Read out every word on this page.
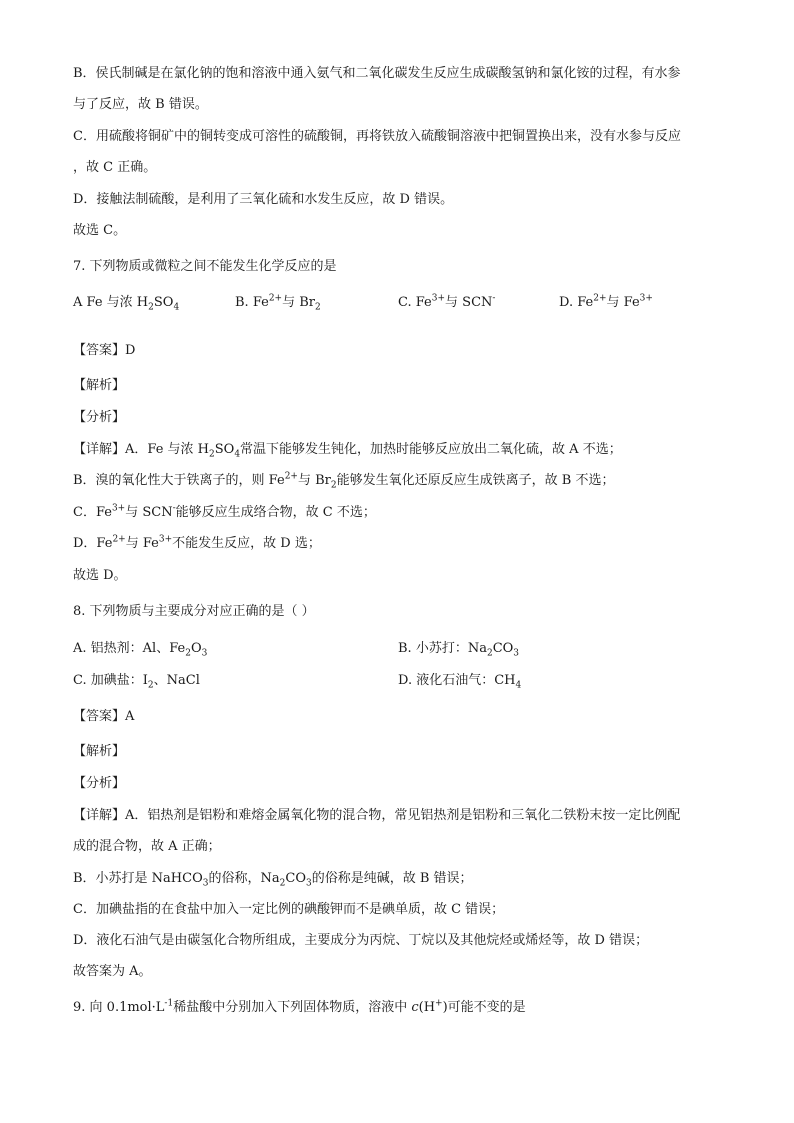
B．侯氏制碱是在氯化钠的饱和溶液中通入氨气和二氧化碳发生反应生成碳酸氢钠和氯化铵的过程，有水参
与了反应，故 B 错误。
C．用硫酸将铜矿中的铜转变成可溶性的硫酸铜，再将铁放入硫酸铜溶液中把铜置换出来，没有水参与反应
，故 C 正确。
D．接触法制硫酸，是利用了三氧化硫和水发生反应，故 D 错误。
故选 C。
7. 下列物质或微粒之间不能发生化学反应的是
A Fe 与浓 $H_2SO_4$	B. $Fe^{2+}$与 $Br_2$	C. $Fe^{3+}$与 SCN-	D. $Fe^{2+}$与 $Fe^{3+}$
【答案】D
【解析】
【分析】
【详解】A．Fe 与浓 $H_2SO_4$常温下能够发生钝化，加热时能够反应放出二氧化硫，故 A 不选；
B．溴的氧化性大于铁离子的，则 $Fe^{2+}$与 $Br_2$能够发生氧化还原反应生成铁离子，故 B 不选；
C．$Fe^{3+}$与 SCN-能够反应生成络合物，故 C 不选；
D．$Fe^{2+}$与 $Fe^{3+}$不能发生反应，故 D 选；
故选 D。
8. 下列物质与主要成分对应正确的是（ ）
A. 铝热剂：Al、$Fe_2O_3$	B. 小苏打：$Na_2CO_3$
C. 加碘盐：$I_2$、NaCl	D. 液化石油气：$CH_4$
【答案】A
【解析】
【分析】
【详解】A．铝热剂是铝粉和难熔金属氧化物的混合物，常见铝热剂是铝粉和三氧化二铁粉末按一定比例配
成的混合物，故 A 正确；
B．小苏打是 NaHCO$_3$的俗称，$Na_2CO_3$的俗称是纯碱，故 B 错误；
C．加碘盐指的在食盐中加入一定比例的碘酸钾而不是碘单质，故 C 错误；
D．液化石油气是由碳氢化合物所组成，主要成分为丙烷、丁烷以及其他烷烃或烯烃等，故 D 错误；
故答案为 A。
9. 向 $0.1mol\cdot L^{-1}$稀盐酸中分别加入下列固体物质，溶液中 c(H+)可能不变的是
